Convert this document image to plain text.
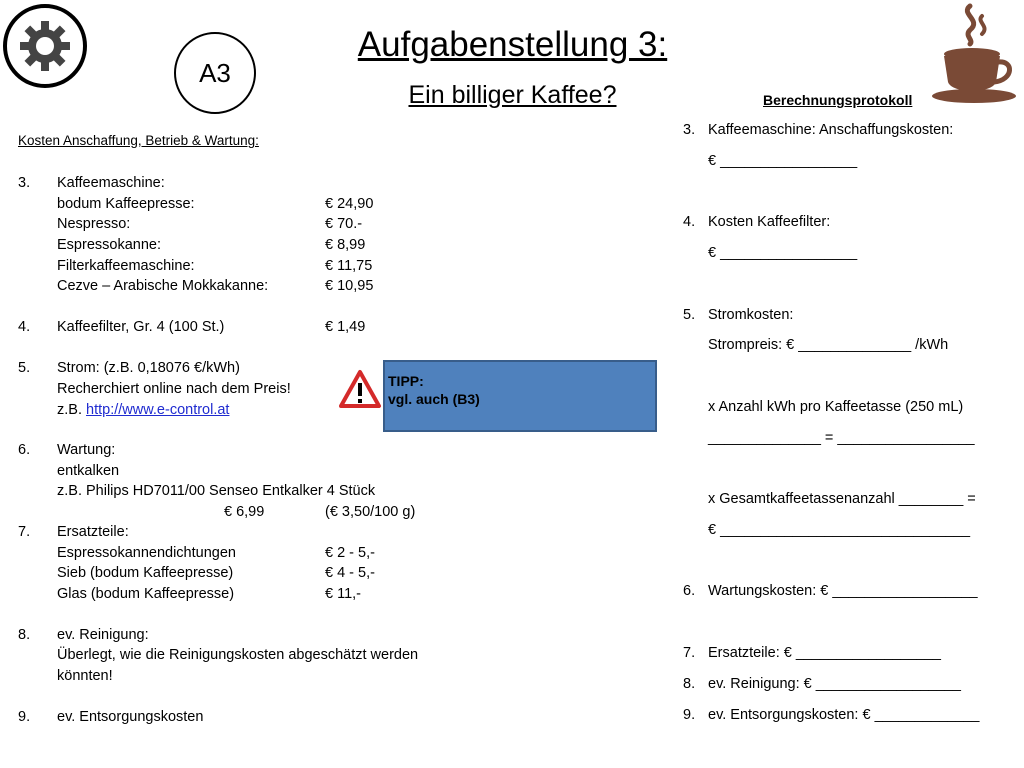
A3
Aufgabenstellung 3:
Ein billiger Kaffee?
Kosten Anschaffung, Betrieb & Wartung:
3. Kaffeemaschine:
bodum Kaffeepresse:	€ 24,90
Nespresso:	€ 70.-
Espressokanne:	€ 8,99
Filterkaffeemaschine:	€ 11,75
Cezve – Arabische Mokkakanne:	€ 10,95
4. Kaffeefilter, Gr. 4 (100 St.)	€ 1,49
5. Strom: (z.B. 0,18076 €/kWh)
Recherchiert online nach dem Preis!
z.B. http://www.e-control.at
TIPP:
vgl. auch (B3)
6. Wartung:
entkalken
z.B. Philips HD7011/00 Senseo Entkalker 4 Stück
€ 6,99	(€ 3,50/100 g)
7. Ersatzteile:
Espressokannendichtungen	€ 2 - 5,-
Sieb (bodum Kaffeepresse)	€ 4 - 5,-
Glas (bodum Kaffeepresse)	€ 11,-
8. ev. Reinigung:
Überlegt, wie die Reinigungskosten abgeschätzt werden
könnten!
9. ev. Entsorgungskosten
Berechnungsprotokoll
3. Kaffeemaschine: Anschaffungskosten:
€ _________________
4. Kosten Kaffeefilter:
€ _________________
5. Stromkosten:
Strompreis: € ______________ /kWh
x Anzahl kWh pro Kaffeetasse (250 mL)
______________ = _________________
x Gesamtkaffeetassenanzahl ________ =
€ _______________________________
6. Wartungskosten: € __________________
7. Ersatzteile: € __________________
8. ev. Reinigung: € __________________
9. ev. Entsorgungskosten: € _____________
